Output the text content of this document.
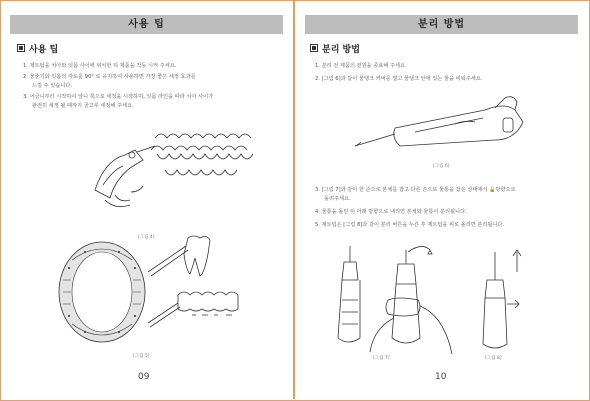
사용 팁
사용 팁
1. 제트팁을 치아와 잇몸 사이에 위치한 뒤 제품을 작동 시켜 주세요.
2. 물줄기와 잇몸의 각도를 90° 로 유지하여 사용하면 가장 좋은 세정 효과를
느낄 수 있습니다.
3. 어금니부터 시작하여 앞니 쪽으로 세정을 시작하며, 잇몸 라인을 따라 치아 사이가
완전히 세정 될 때까지 골고루 세정해 주세요.
[그림 4]
[그림 5]
09
분리 방법
분리 방법
1. 분리 전 제품의 전원을 종료해 주세요.
2. [그림 6]과 같이 물탱크 커버를 열고 물탱크 안에 있는 물을 비워주세요.
[그림 6]
3. [그림 7]과 같이 한 손으로 본체를 잡고 다른 손으로 물통을 잡은 상태에서 🔓방향으로
돌려주세요.
4. 물통을 돌린 뒤 아래 방향으로 내리면 본체와 물통이 분리됩니다.
5. 제트팁은 [그림 8]과 같이 분리 버튼을 누른 후 제트팁을 위로 올리면 분리됩니다.
[그림 7]	[그림 8]
10
